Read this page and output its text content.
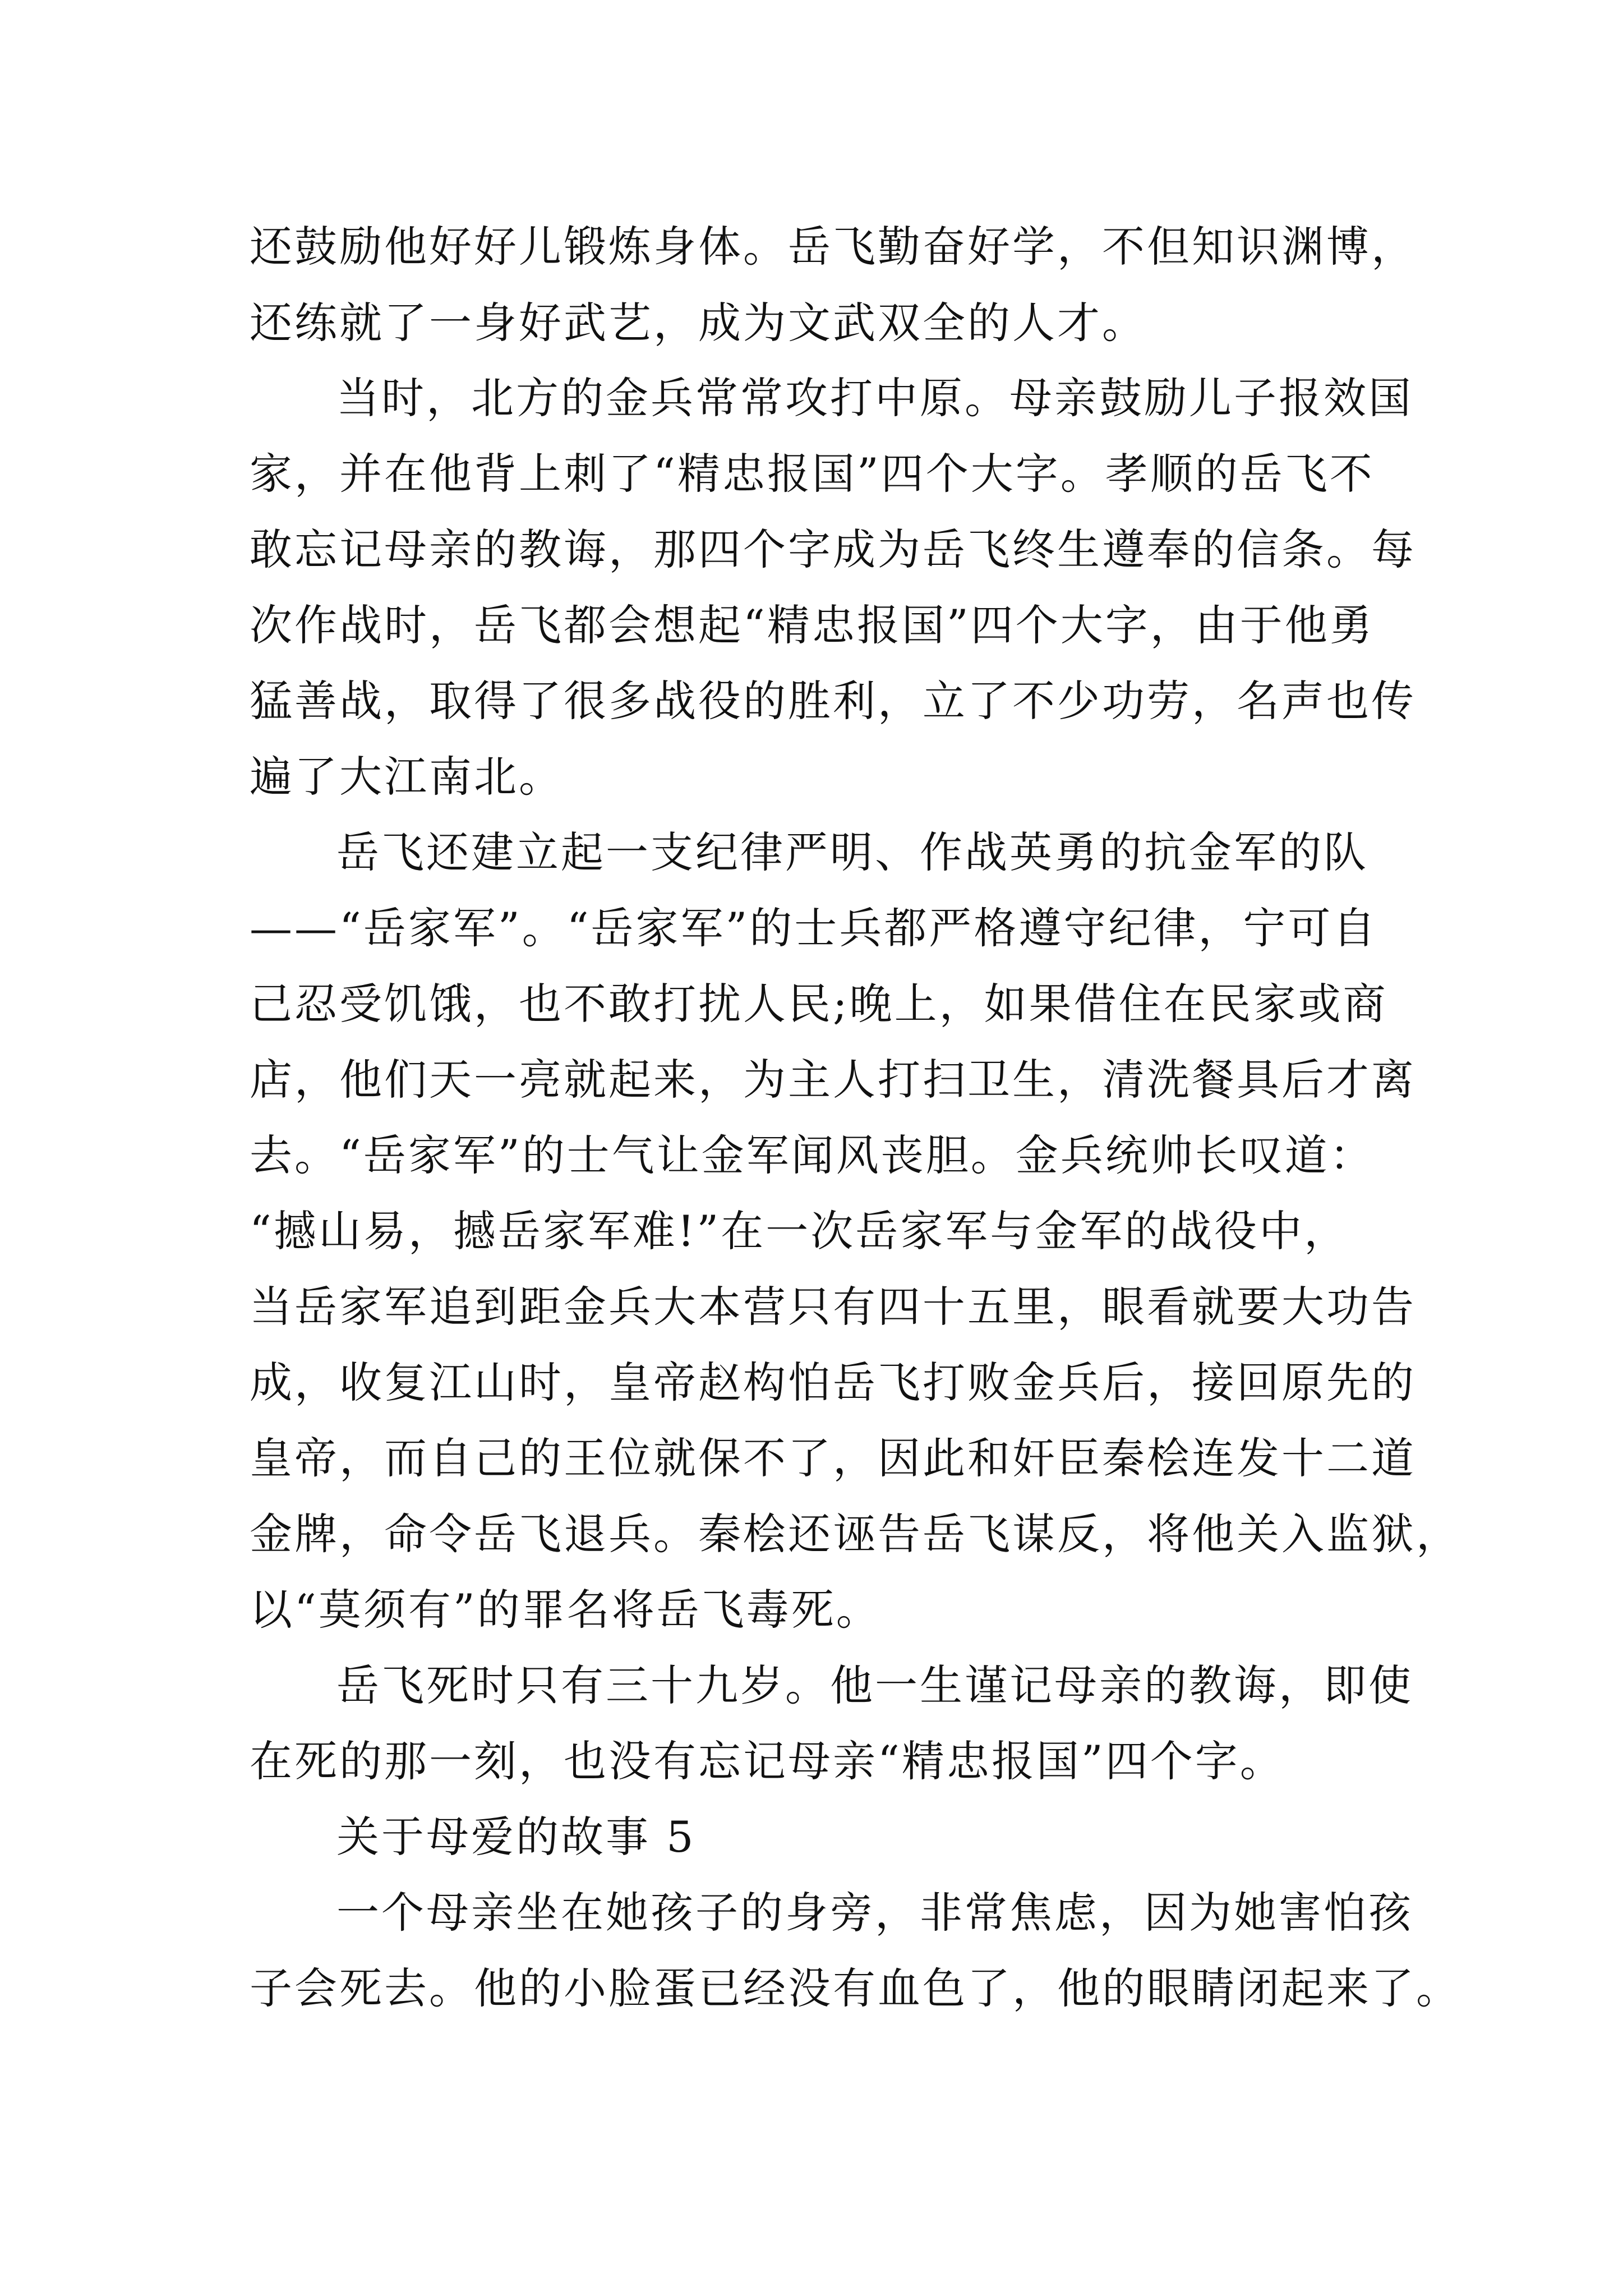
还鼓励他好好儿锻炼身体。岳飞勤奋好学，不但知识渊博，
还练就了一身好武艺，成为文武双全的人才。
当时，北方的金兵常常攻打中原。母亲鼓励儿子报效国
家，并在他背上刺了“精忠报国”四个大字。孝顺的岳飞不
敢忘记母亲的教诲，那四个字成为岳飞终生遵奉的信条。每
次作战时，岳飞都会想起“精忠报国”四个大字，由于他勇
猛善战，取得了很多战役的胜利，立了不少功劳，名声也传
遍了大江南北。
岳飞还建立起一支纪律严明、作战英勇的抗金军的队
——“岳家军”。“岳家军”的士兵都严格遵守纪律，宁可自
己忍受饥饿，也不敢打扰人民;晚上，如果借住在民家或商
店，他们天一亮就起来，为主人打扫卫生，清洗餐具后才离
去。“岳家军”的士气让金军闻风丧胆。金兵统帅长叹道：
“撼山易，撼岳家军难!”在一次岳家军与金军的战役中，
当岳家军追到距金兵大本营只有四十五里，眼看就要大功告
成，收复江山时，皇帝赵构怕岳飞打败金兵后，接回原先的
皇帝，而自己的王位就保不了，因此和奸臣秦桧连发十二道
金牌，命令岳飞退兵。秦桧还诬告岳飞谋反，将他关入监狱，
以“莫须有”的罪名将岳飞毒死。
岳飞死时只有三十九岁。他一生谨记母亲的教诲，即使
在死的那一刻，也没有忘记母亲“精忠报国”四个字。
关于母爱的故事 5
一个母亲坐在她孩子的身旁，非常焦虑，因为她害怕孩
子会死去。他的小脸蛋已经没有血色了，他的眼睛闭起来了。
